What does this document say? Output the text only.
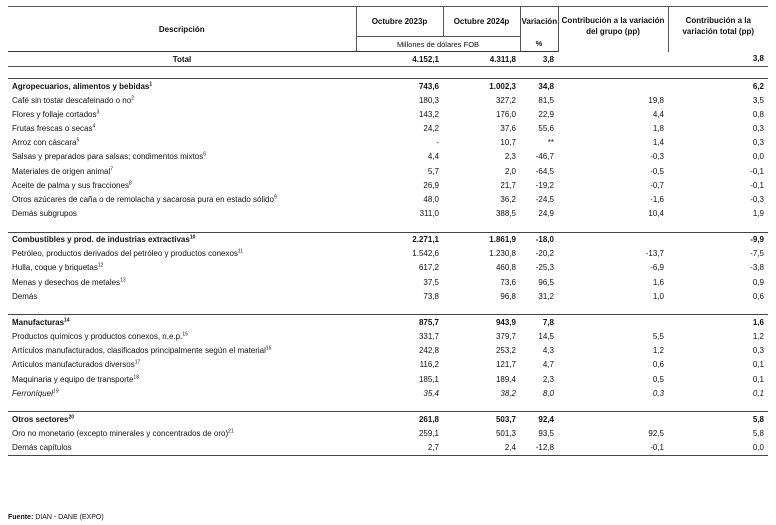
Descripción	Octubre 2023p	Octubre 2024p	Variación	Contribución a la variación del grupo (pp)	Contribución a la variación total (pp)
	Millones de dólares FOB		%		
Total	4.152,1	4.311,8	3,8		3,8

Agropecuarios, alimentos y bebidas$^1$	743,6	1.002,3	34,8		6,2
Café sin tostar descafeinado o $no^2$	180,3	327,2	81,5	19,8	3,5
Flores y follaje cortados$^3$	143,2	176,0	22,9	4,4	0,8
Frutas frescas o secas$^4$	24,2	37,6	55,6	1,8	0,3
Arroz con cáscara$^5$	-	10,7	**	1,4	0,3
Salsas y preparados para salsas; condimentos mixtos$^6$	4,4	2,3	-46,7	-0,3	0,0
Materiales de origen animal$^7$	5,7	2,0	-64,5	-0,5	-0,1
Aceite de palma y sus fracciones$^8$	26,9	21,7	-19,2	-0,7	-0,1
Otros azúcares de caña o de remolacha y sacarosa pura en estado sólido$^9$	48,0	36,2	-24,5	-1,6	-0,3
Demás subgrupos	311,0	388,5	24,9	10,4	1,9

Combustibles y prod. de industrias extractivas$^{10}$	2.271,1	1.861,9	-18,0		-9,9
Petróleo, productos derivados del petróleo y productos conexos$^{11}$	1.542,6	1.230,8	-20,2	-13,7	-7,5
Hulla, coque y briquetas$^{12}$	617,2	460,8	-25,3	-6,9	-3,8
Menas y desechos de metales$^{13}$	37,5	73,6	96,5	1,6	0,9
Demás	73,8	96,8	31,2	1,0	0,6

Manufacturas$^{14}$	875,7	943,9	7,8		1,6
Productos químicos y productos conexos, n.e.p.$^{15}$	331,7	379,7	14,5	5,5	1,2
Artículos manufacturados, clasificados principalmente según el material$^{16}$	242,8	253,2	4,3	1,2	0,3
Artículos manufacturados diversos$^{17}$	116,2	121,7	4,7	0,6	0,1
Maquinaria y equipo de transporte$^{18}$	185,1	189,4	2,3	0,5	0,1
Ferroníquel$^{19}$	35,4	38,2	8,0	0,3	0,1

Otros sectores$^{20}$	261,8	503,7	92,4		5,8
Oro no monetario (excepto minerales y concentrados de oro)$^{21}$	259,1	501,3	93,5	92,5	5,8
Demás capítulos	2,7	2,4	-12,8	-0,1	0,0
Fuente: DIAN - DANE (EXPO)
